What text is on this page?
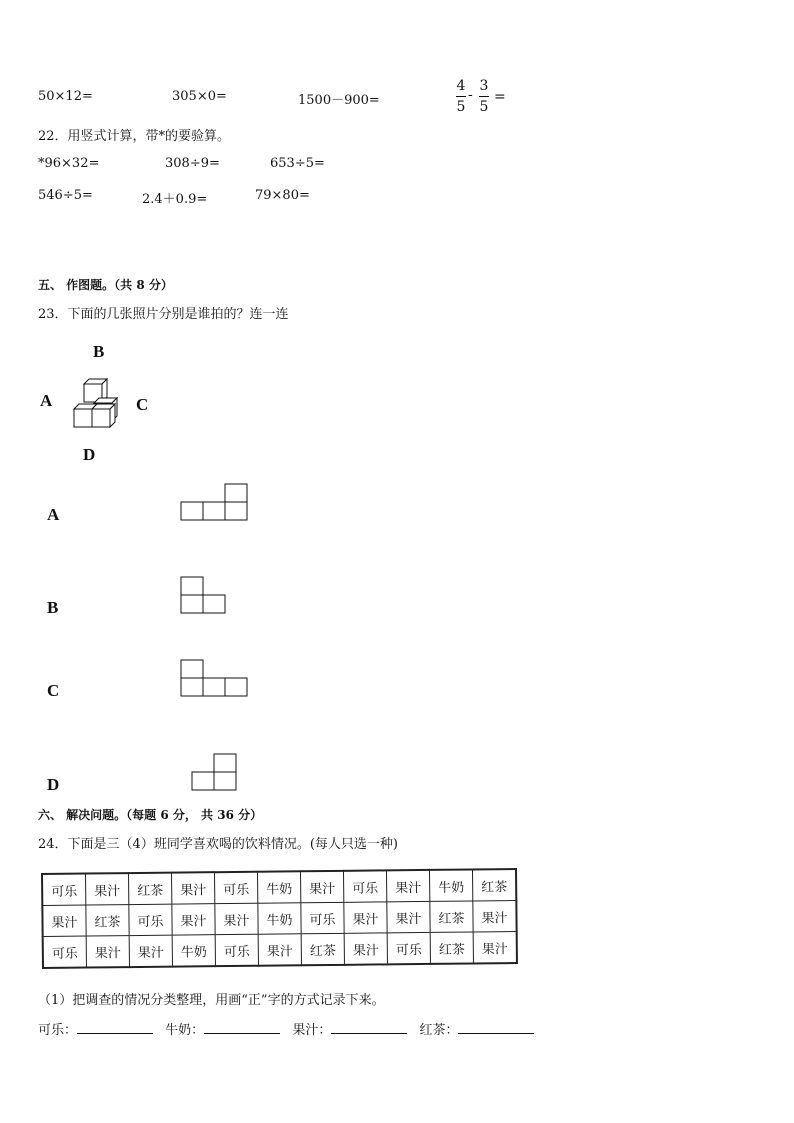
50×12=	305×0=	1500－900=
4
5
-
3
5
=
22．用竖式计算，带*的要验算。
*96×32=	308÷9=	653÷5=
546÷5=	2.4＋0.9=	79×80=
五、 作图题。（共 8 分）
23．下面的几张照片分别是谁拍的？连一连
B
A	C
D
A
B
C
D
六、 解决问题。（每题 6 分， 共 36 分）
24．下面是三（4）班同学喜欢喝的饮料情况。(每人只选一种)
可乐	果汁	红茶	果汁	可乐	牛奶	果汁	可乐	果汁	牛奶	红茶
果汁	红茶	可乐	果汁	果汁	牛奶	可乐	果汁	果汁	红茶	果汁
可乐	果汁	果汁	牛奶	可乐	果汁	红茶	果汁	可乐	红茶	果汁
（1）把调查的情况分类整理，用画“正”字的方式记录下来。
可乐：	牛奶：	果汁：	红茶：
